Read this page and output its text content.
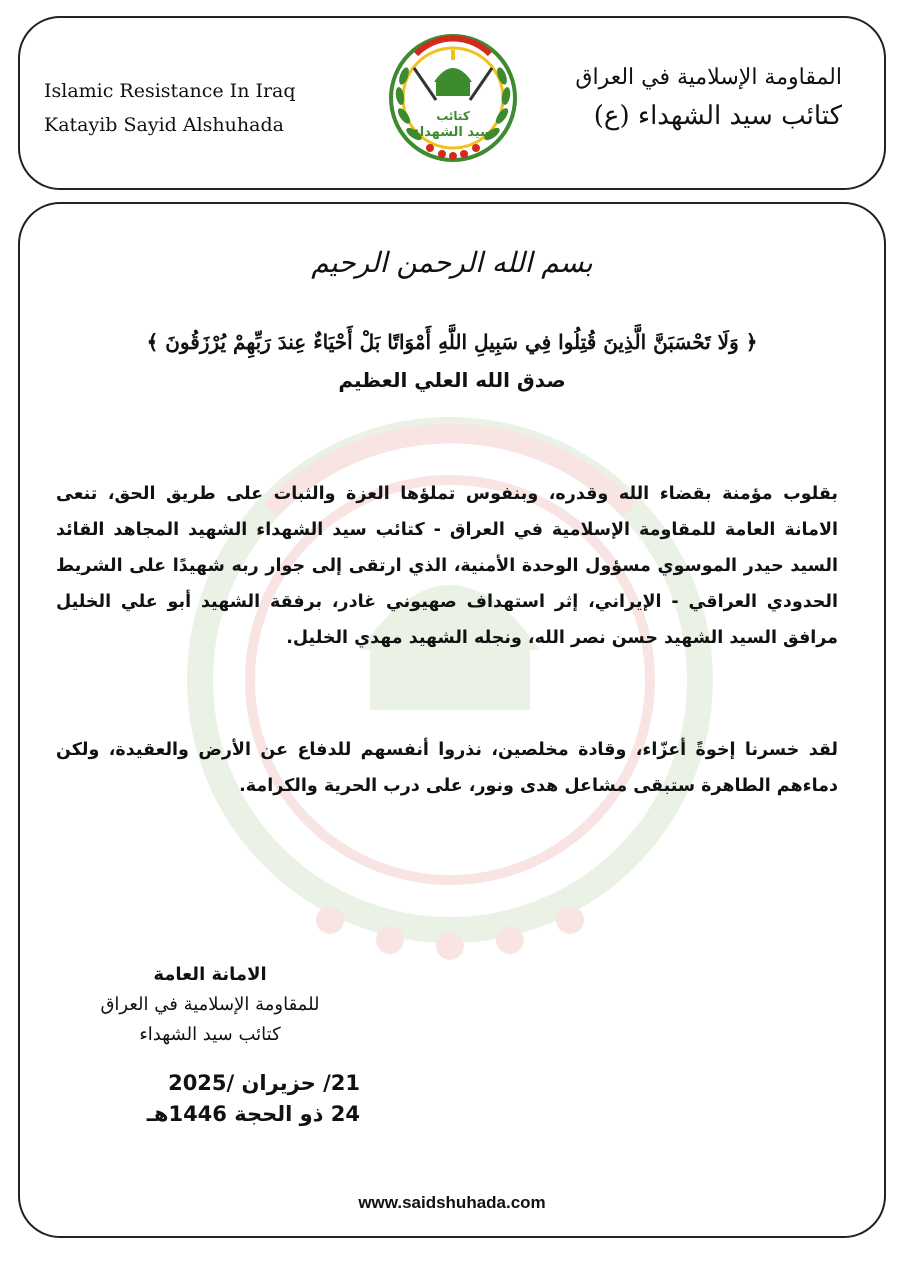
Islamic Resistance In Iraq
Katayib Sayid Alshuhada	كتائب
سيد الشهداء
المقاومة الإسلامية في العراق
كتائب سيد الشهداء (ع)
بسم الله الرحمن الرحيم
﴿ وَلَا تَحْسَبَنَّ الَّذِينَ قُتِلُوا فِي سَبِيلِ اللَّهِ أَمْوَاتًا بَلْ أَحْيَاءٌ عِندَ رَبِّهِمْ يُرْزَقُونَ ﴾
صدق الله العلي العظيم
بقلوب مؤمنة بقضاء الله وقدره، وبنفوس تملؤها العزة والثبات على طريق الحق، تنعى الامانة العامة للمقاومة الإسلامية في العراق - كتائب سيد الشهداء الشهيد المجاهد القائد السيد حيدر الموسوي مسؤول الوحدة الأمنية، الذي ارتقى إلى جوار ربه شهيدًا على الشريط الحدودي العراقي - الإيراني، إثر استهداف صهيوني غادر، برفقة الشهيد أبو علي الخليل مرافق السيد الشهيد حسن نصر الله، ونجله الشهيد مهدي الخليل.
لقد خسرنا إخوةً أعزّاء، وقادة مخلصين، نذروا أنفسهم للدفاع عن الأرض والعقيدة، ولكن دماءهم الطاهرة ستبقى مشاعل هدى ونور، على درب الحرية والكرامة.
الامانة العامة
للمقاومة الإسلامية في العراق
كتائب سيد الشهداء
21/ حزيران /2025
24 ذو الحجة 1446هـ
www.saidshuhada.com
